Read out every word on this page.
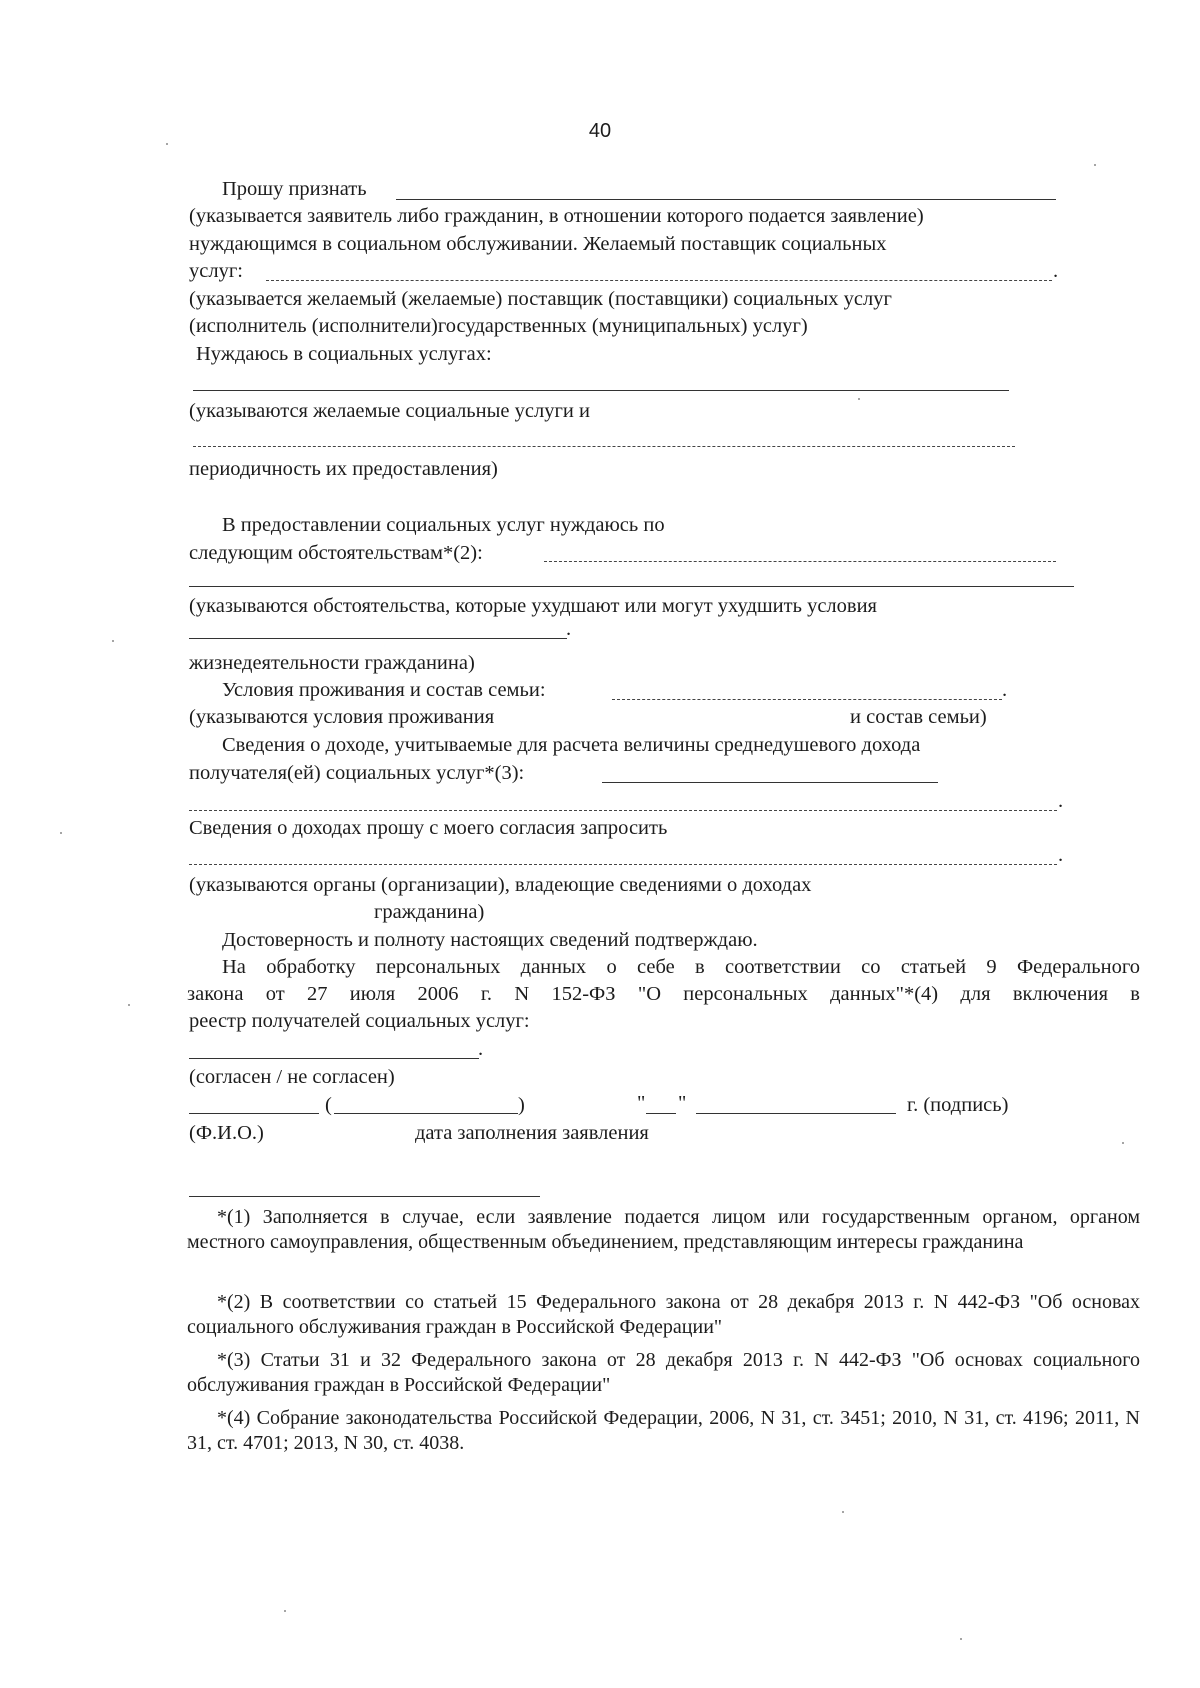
40
Прошу признать
(указывается заявитель либо гражданин, в отношении которого подается заявление)
нуждающимся в социальном обслуживании. Желаемый поставщик социальных
услуг:	.
(указывается желаемый (желаемые) поставщик (поставщики) социальных услуг
(исполнитель (исполнители)государственных (муниципальных) услуг)
Нуждаюсь в социальных услугах:
(указываются желаемые социальные услуги и
периодичность их предоставления)
В предоставлении социальных услуг нуждаюсь по
следующим обстоятельствам*(2):
(указываются обстоятельства, которые ухудшают или могут ухудшить условия
.
жизнедеятельности гражданина)
Условия проживания и состав семьи:	.
(указываются условия проживания	и состав семьи)
Сведения о доходе, учитываемые для расчета величины среднедушевого дохода
получателя(ей) социальных услуг*(3):
.
Сведения о доходах прошу с моего согласия запросить
.
(указываются органы (организации), владеющие сведениями о доходах
гражданина)
Достоверность и полноту настоящих сведений подтверждаю.
На обработку персональных данных о себе в соответствии со статьей 9 Федерального
закона от 27 июля 2006 г. N 152-ФЗ "О персональных данных"*(4) для включения в
реестр получателей социальных услуг:
.
(согласен / не согласен)
(	)	" "	г. (подпись)
(Ф.И.О.)	дата заполнения заявления
*(1) Заполняется в случае, если заявление подается лицом или государственным органом, органом местного самоуправления, общественным объединением, представляющим интересы гражданина
*(2) В соответствии со статьей 15 Федерального закона от 28 декабря 2013 г. N 442-ФЗ "Об основах социального обслуживания граждан в Российской Федерации"
*(3) Статьи 31 и 32 Федерального закона от 28 декабря 2013 г. N 442-ФЗ "Об основах социального обслуживания граждан в Российской Федерации"
*(4) Собрание законодательства Российской Федерации, 2006, N 31, ст. 3451; 2010, N 31, ст. 4196; 2011, N 31, ст. 4701; 2013, N 30, ст. 4038.
